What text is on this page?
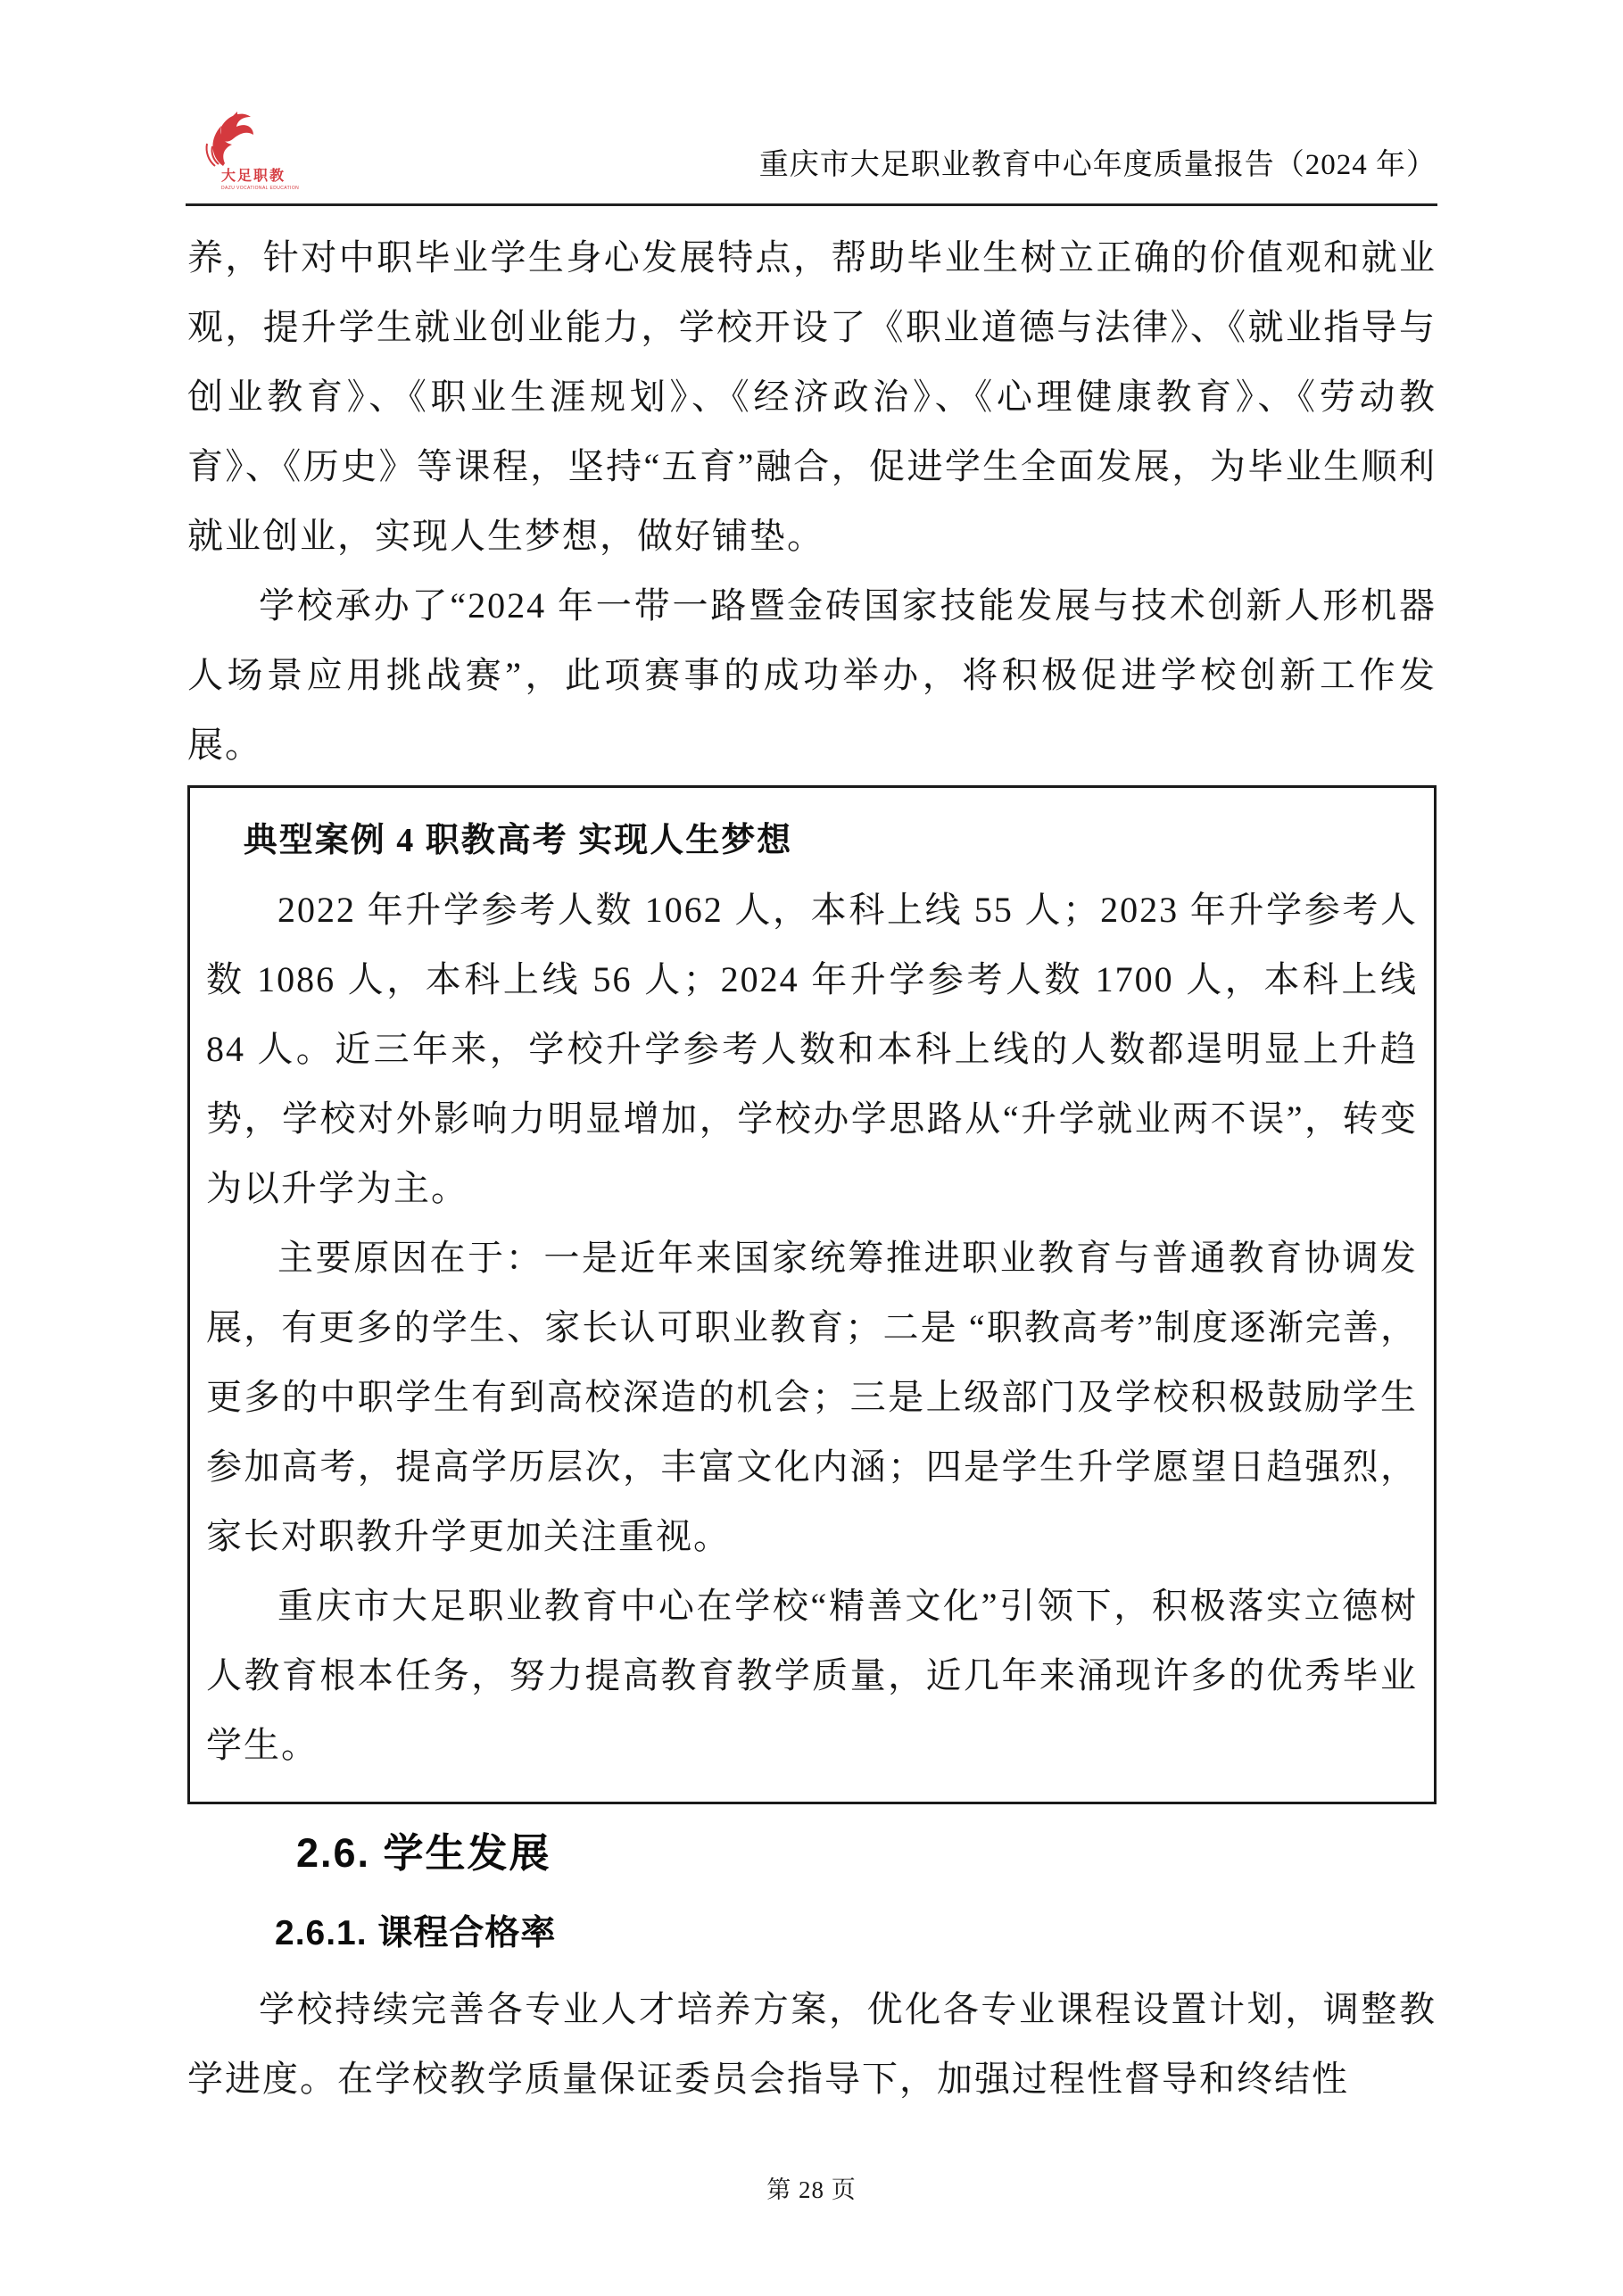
大足职教
DAZU VOCATIONAL EDUCATION
重庆市大足职业教育中心年度质量报告（2024 年）

养，针对中职毕业学生身心发展特点，帮助毕业生树立正确的价值观和就业观，提升学生就业创业能力，学校开设了《职业道德与法律》、《就业指导与创业教育》、《职业生涯规划》、《经济政治》、《心理健康教育》、《劳动教育》、《历史》等课程，坚持“五育”融合，促进学生全面发展，为毕业生顺利就业创业，实现人生梦想，做好铺垫。

学校承办了“2024 年一带一路暨金砖国家技能发展与技术创新人形机器人场景应用挑战赛”，此项赛事的成功举办，将积极促进学校创新工作发展。

典型案例 4 职教高考 实现人生梦想

2022 年升学参考人数 1062 人，本科上线 55 人；2023 年升学参考人数 1086 人，本科上线 56 人；2024 年升学参考人数 1700 人，本科上线 84 人。近三年来，学校升学参考人数和本科上线的人数都逞明显上升趋势，学校对外影响力明显增加，学校办学思路从“升学就业两不误”，转变为以升学为主。

主要原因在于：一是近年来国家统筹推进职业教育与普通教育协调发展，有更多的学生、家长认可职业教育；二是 “职教高考”制度逐渐完善，更多的中职学生有到高校深造的机会；三是上级部门及学校积极鼓励学生参加高考，提高学历层次，丰富文化内涵；四是学生升学愿望日趋强烈，家长对职教升学更加关注重视。

重庆市大足职业教育中心在学校“精善文化”引领下，积极落实立德树人教育根本任务，努力提高教育教学质量，近几年来涌现许多的优秀毕业学生。

2.6. 学生发展
2.6.1. 课程合格率

学校持续完善各专业人才培养方案，优化各专业课程设置计划，调整教学进度。在学校教学质量保证委员会指导下，加强过程性督导和终结性

第 28 页
